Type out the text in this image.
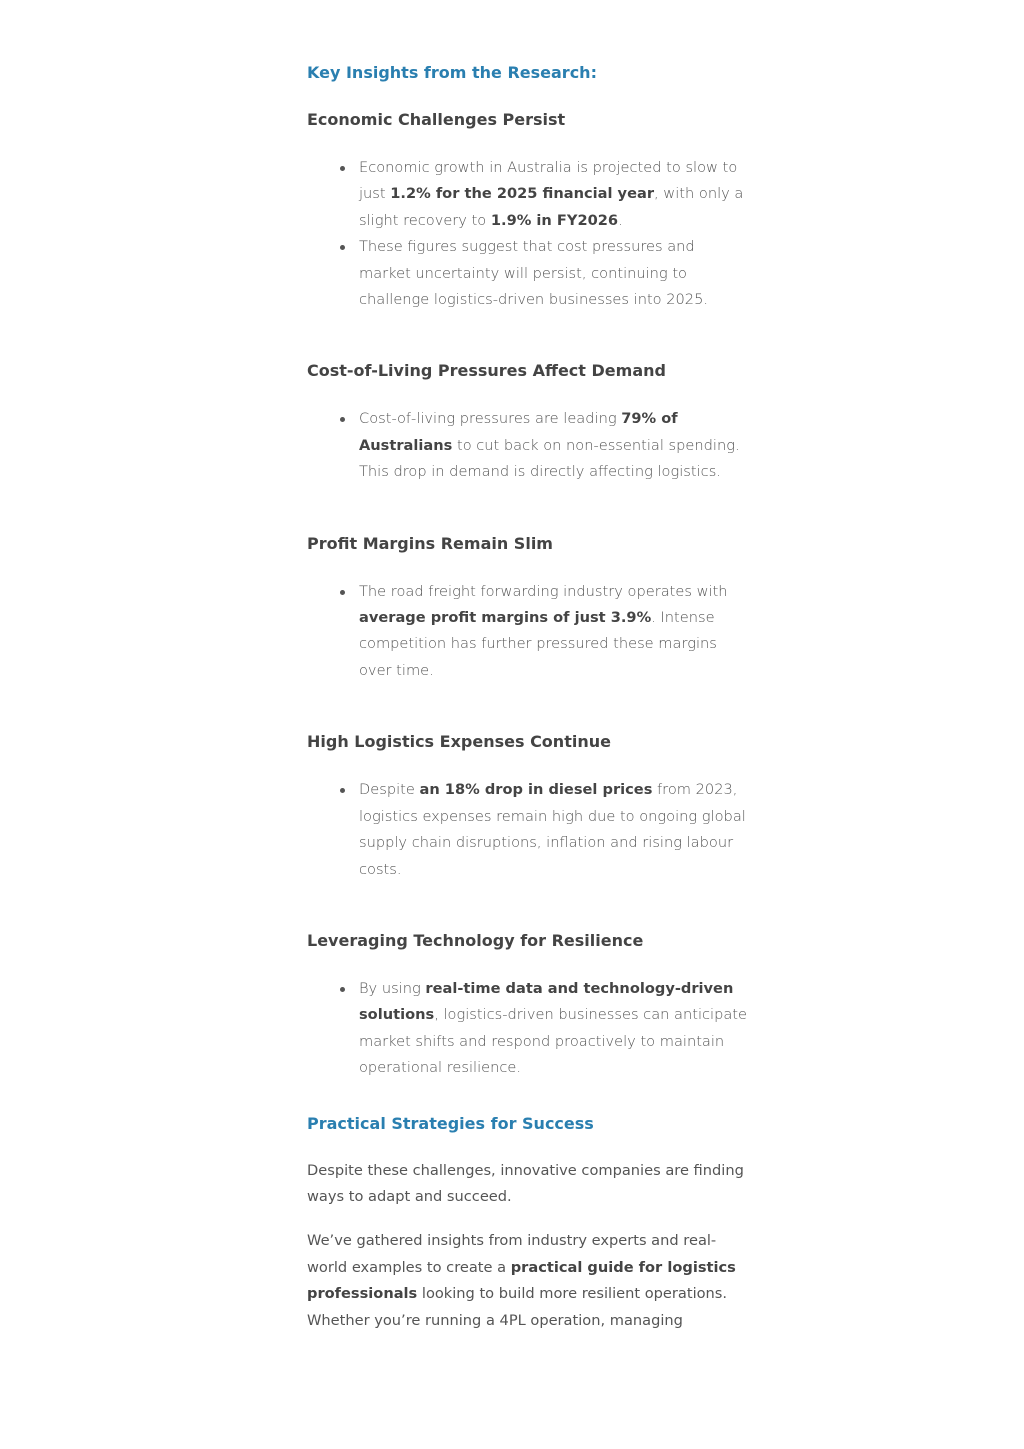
Key Insights from the Research:
Economic Challenges Persist
Economic growth in Australia is projected to slow to just 1.2% for the 2025 financial year, with only a slight recovery to 1.9% in FY2026.
These figures suggest that cost pressures and market uncertainty will persist, continuing to challenge logistics-driven businesses into 2025.
Cost-of-Living Pressures Affect Demand
Cost-of-living pressures are leading 79% of Australians to cut back on non-essential spending. This drop in demand is directly affecting logistics.
Profit Margins Remain Slim
The road freight forwarding industry operates with average profit margins of just 3.9%. Intense competition has further pressured these margins over time.
High Logistics Expenses Continue
Despite an 18% drop in diesel prices from 2023, logistics expenses remain high due to ongoing global supply chain disruptions, inflation and rising labour costs.
Leveraging Technology for Resilience
By using real-time data and technology-driven solutions, logistics-driven businesses can anticipate market shifts and respond proactively to maintain operational resilience.
Practical Strategies for Success

Despite these challenges, innovative companies are finding ways to adapt and succeed.

We’ve gathered insights from industry experts and real-world examples to create a practical guide for logistics professionals looking to build more resilient operations. Whether you’re running a 4PL operation, managing
